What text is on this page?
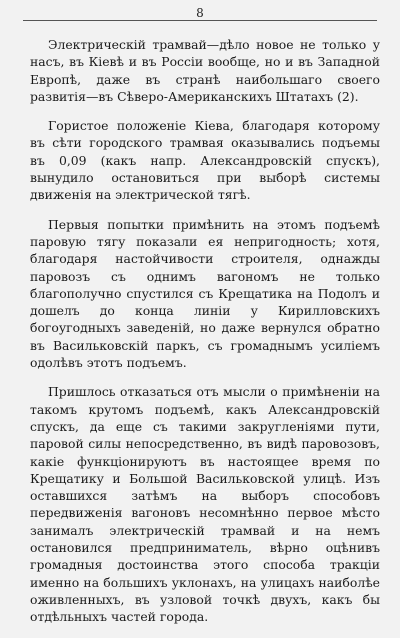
8

Электрическій трамвай—дѣло новое не только у насъ, въ Кіевѣ и въ Россіи вообще, но и въ Западной Европѣ, даже въ странѣ наибольшаго своего развитія—въ Сѣверо-Американскихъ Штатахъ (2).

Гористое положеніе Кіева, благодаря которому въ сѣти городского трамвая оказывались подъемы въ 0,09 (какъ напр. Александровскій спускъ), вынудило остановиться при выборѣ системы движенія на электрической тягѣ.

Первыя попытки примѣнить на этомъ подъемѣ паровую тягу показали ея непригодность; хотя, благодаря настойчивости строителя, однажды паровозъ съ однимъ вагономъ не только благополучно спустился съ Крещатика на Подолъ и дошелъ до конца линіи у Кирилловскихъ богоугодныхъ заведеній, но даже вернулся обратно въ Васильковскій паркъ, съ громаднымъ усиліемъ одолѣвъ этотъ подъемъ.

Пришлось отказаться отъ мысли о примѣненіи на такомъ крутомъ подъемѣ, какъ Александровскій спускъ, да еще съ такими закругленіями пути, паровой силы непосредственно, въ видѣ паровозовъ, какіе функціонируютъ въ настоящее время по Крещатику и Большой Васильковской улицѣ. Изъ оставшихся затѣмъ на выборъ способовъ передвиженія вагоновъ несомнѣнно первое мѣсто занималъ электрическій трамвай и на немъ остановился предприниматель, вѣрно оцѣнивъ громадныя достоинства этого способа тракціи именно на большихъ уклонахъ, на улицахъ наиболѣе оживленныхъ, въ узловой точкѣ двухъ, какъ бы отдѣльныхъ частей города.
